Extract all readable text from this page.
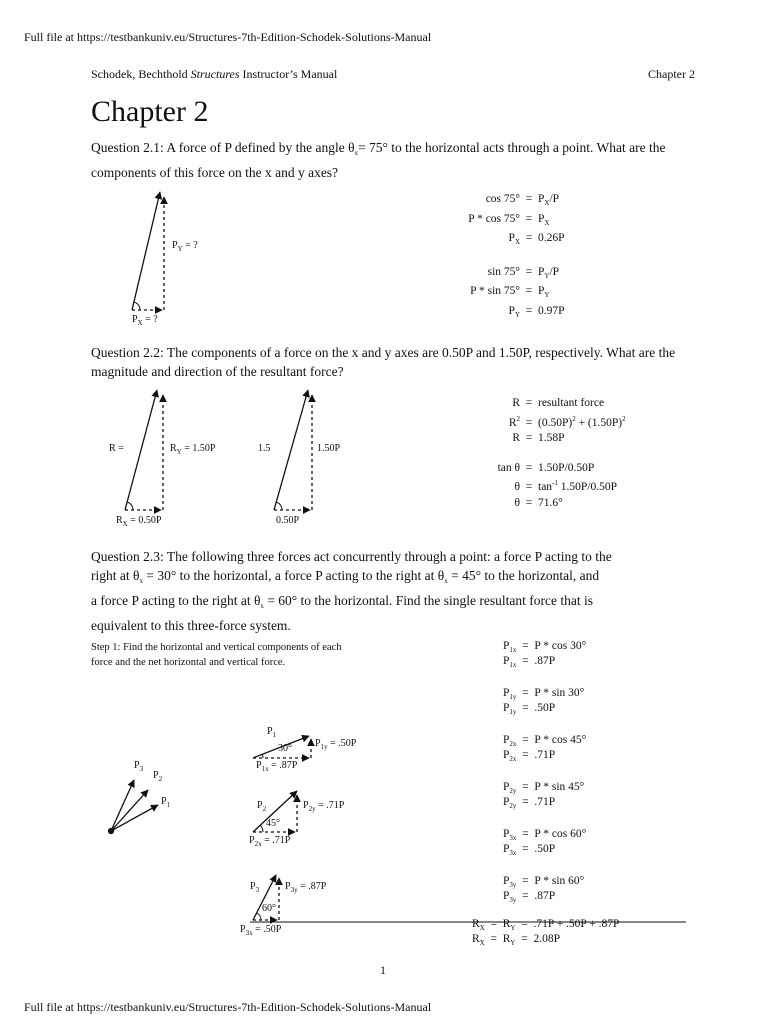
Full file at https://testbankuniv.eu/Structures-7th-Edition-Schodek-Solutions-Manual
Schodek, Bechthold Structures Instructor’s Manual	Chapter 2
Chapter 2
Question 2.1: A force of P defined by the angle $\theta_x= 75^\circ$ to the horizontal acts through a point. What are the components of this force on the x and y axes?
$P_Y$ = ?
$P_X$ = ?
$\cos 75^\circ = P_X/P$
$P * \cos 75^\circ = P_X$
$P_X = 0.26P$
$\sin 75^\circ = P_Y/P$
$P * \sin 75^\circ = P_Y$
$P_Y = 0.97P$
Question 2.2: The components of a force on the x and y axes are 0.50P and 1.50P, respectively. What are the magnitude and direction of the resultant force?
R =	$R_Y = 1.50P$
$R_X = 0.50P$
1.5	1.50P
0.50P
R  =  resultant force
$R^2 = (0.50P)^2 + (1.50P)^2$
R  =  1.58P
tan θ  =  1.50P/0.50P
$\theta = \tan^{-1} 1.50P/0.50P$
θ  =  71.6°
Question 2.3: The following three forces act concurrently through a point: a force P acting to the
right at $\theta_x = 30^\circ$ to the horizontal, a force P acting to the right at $\theta_x = 45^\circ$ to the horizontal, and
a force P acting to the right at $\theta_x = 60^\circ$ to the horizontal. Find the single resultant force that is
equivalent to this three-force system.
Step 1: Find the horizontal and vertical components of each force and the net horizontal and vertical force.
$P_3$
$P_2$
$P_1$
$P_1$
30° $P_{1y} = .50P$
$P_{1x} = .87P$
$P_2$
45°
$P_{2y} = .71P$
$P_{2x} = .71P$
$P_3$
60°
$P_{3y} = .87P$
$P_{3x} = .50P$
$P_{1x} = P * \cos 30^\circ$
$P_{1x} = .87P$
$P_{1y} = P * \sin 30^\circ$
$P_{1y} = .50P$
$P_{2x} = P * \cos 45^\circ$
$P_{2x} = .71P$
$P_{2y} = P * \sin 45^\circ$
$P_{2y} = .71P$
$P_{3x} = P * \cos 60^\circ$
$P_{3x} = .50P$
$P_{3y} = P * \sin 60^\circ$
$P_{3y} = .87P$
$R_X = R_Y = .71P + .50P + .87P$
$R_X = R_Y = 2.08P$
1
Full file at https://testbankuniv.eu/Structures-7th-Edition-Schodek-Solutions-Manual
